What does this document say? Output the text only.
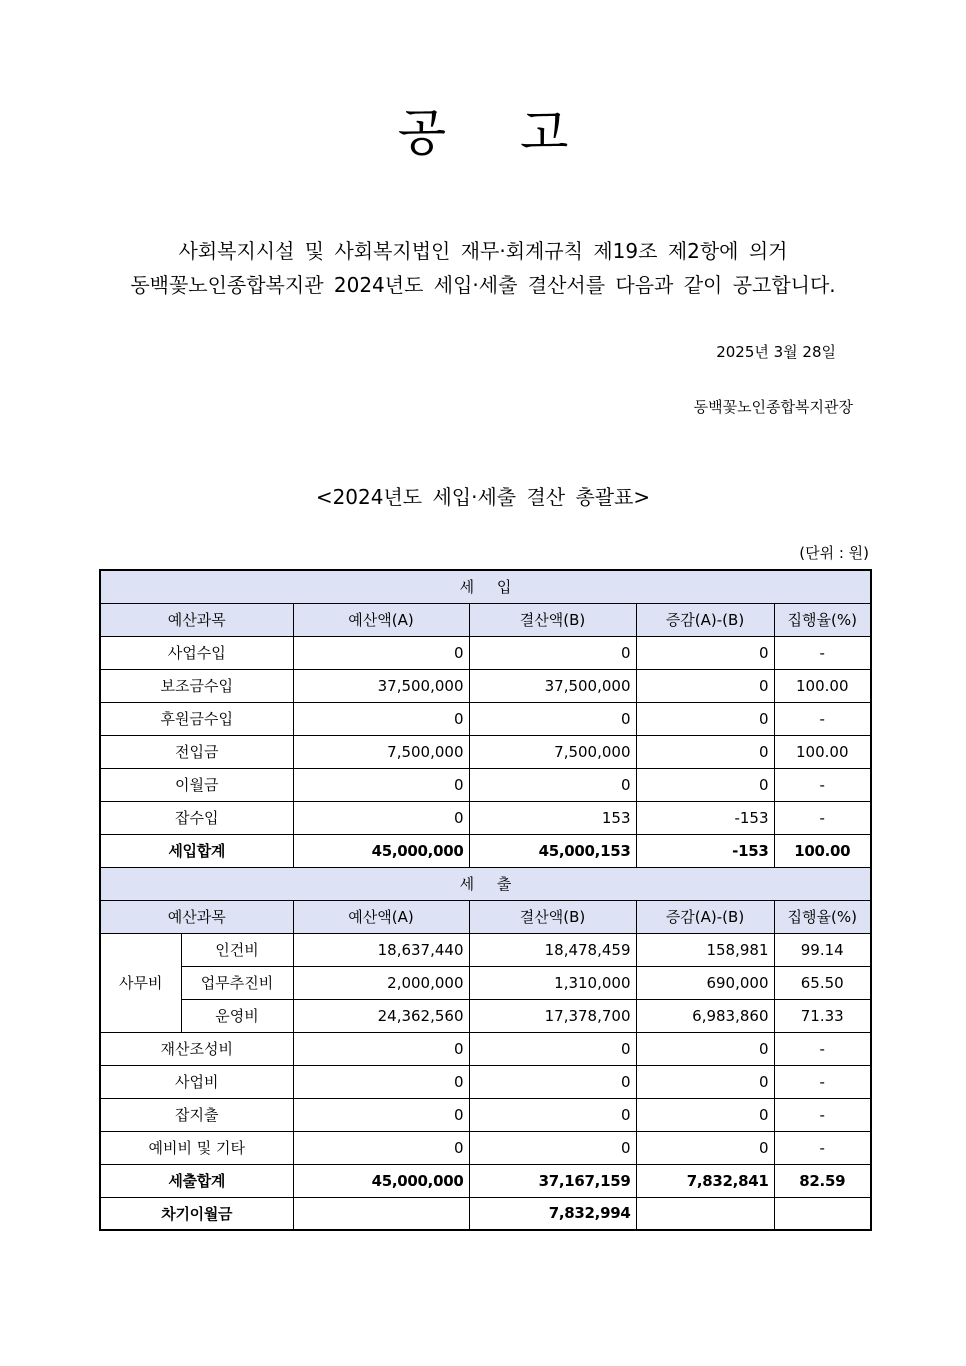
공 고
사회복지시설 및 사회복지법인 재무·회계규칙 제19조 제2항에 의거
동백꽃노인종합복지관 2024년도 세입·세출 결산서를 다음과 같이 공고합니다.
2025년 3월 28일
동백꽃노인종합복지관장
<2024년도 세입·세출 결산 총괄표>
(단위 : 원)
세 입					
예산과목		예산액(A)	결산액(B)	증감(A)-(B)	집행율(%)
사업수입		0	0	0	-
보조금수입		37,500,000	37,500,000	0	100.00
후원금수입		0	0	0	-
전입금		7,500,000	7,500,000	0	100.00
이월금		0	0	0	-
잡수입		0	153	-153	-
세입합계		45,000,000	45,000,153	-153	100.00
세 출					
예산과목		예산액(A)	결산액(B)	증감(A)-(B)	집행율(%)
사무비	인건비	18,637,440	18,478,459	158,981	99.14
	업무추진비	2,000,000	1,310,000	690,000	65.50
	운영비	24,362,560	17,378,700	6,983,860	71.33
재산조성비		0	0	0	-
사업비		0	0	0	-
잡지출		0	0	0	-
예비비 및 기타		0	0	0	-
세출합계		45,000,000	37,167,159	7,832,841	82.59
차기이월금			7,832,994		
